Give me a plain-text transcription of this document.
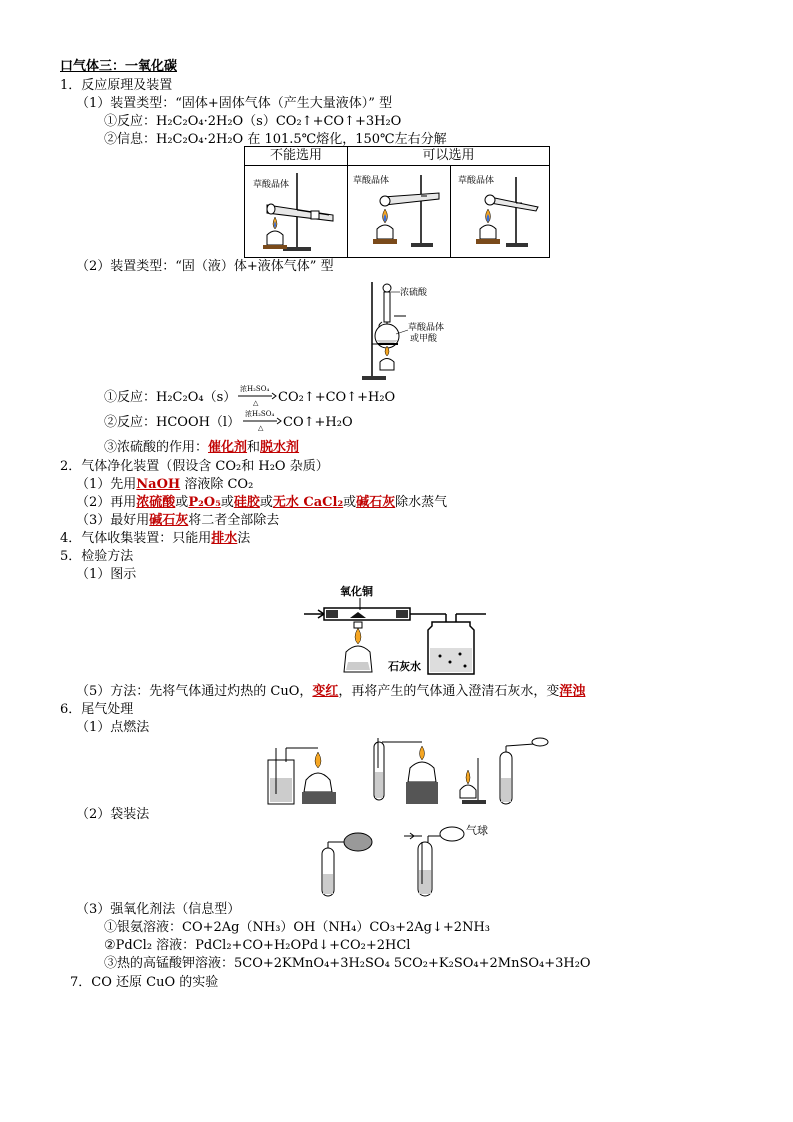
口气体三：一氧化碳
1．反应原理及装置
（1）装置类型：“固体+固体气体（产生大量液体）” 型
①反应：H₂C₂O₄·2H₂O（s）CO₂↑+CO↑+3H₂O
②信息：H₂C₂O₄·2H₂O 在 101.5℃熔化，150℃左右分解
不能选用	可以选用	

草酸晶体	草酸晶体	草酸晶体
（2）装置类型：“固（液）体+液体气体” 型
浓硫酸
草酸晶体
或甲酸
①反应：H₂C₂O₄（s）
浓H₂SO₄
△ CO₂↑+CO↑+H₂O
②反应：HCOOH（l）
浓H₂SO₄
△ CO↑+H₂O
③浓硫酸的作用：催化剂和脱水剂
2．气体净化装置（假设含 CO₂和 H₂O 杂质）
（1）先用NaOH 溶液除 CO₂
（2）再用浓硫酸或P₂O₅或硅胶或无水 CaCl₂或碱石灰除水蒸气
（3）最好用碱石灰将二者全部除去
4．气体收集装置：只能用排水法
5．检验方法
（1）图示
氧化铜
石灰水
（5）方法：先将气体通过灼热的 CuO，变红，再将产生的气体通入澄清石灰水，变浑浊
6．尾气处理
（1）点燃法
（2）袋装法
气球
（3）强氧化剂法（信息型）
①银氨溶液：CO+2Ag（NH₃）OH（NH₄）CO₃+2Ag↓+2NH₃
②PdCl₂ 溶液：PdCl₂+CO+H₂OPd↓+CO₂+2HCl
③热的高锰酸钾溶液：5CO+2KMnO₄+3H₂SO₄ 5CO₂+K₂SO₄+2MnSO₄+3H₂O
7．CO 还原 CuO 的实验
